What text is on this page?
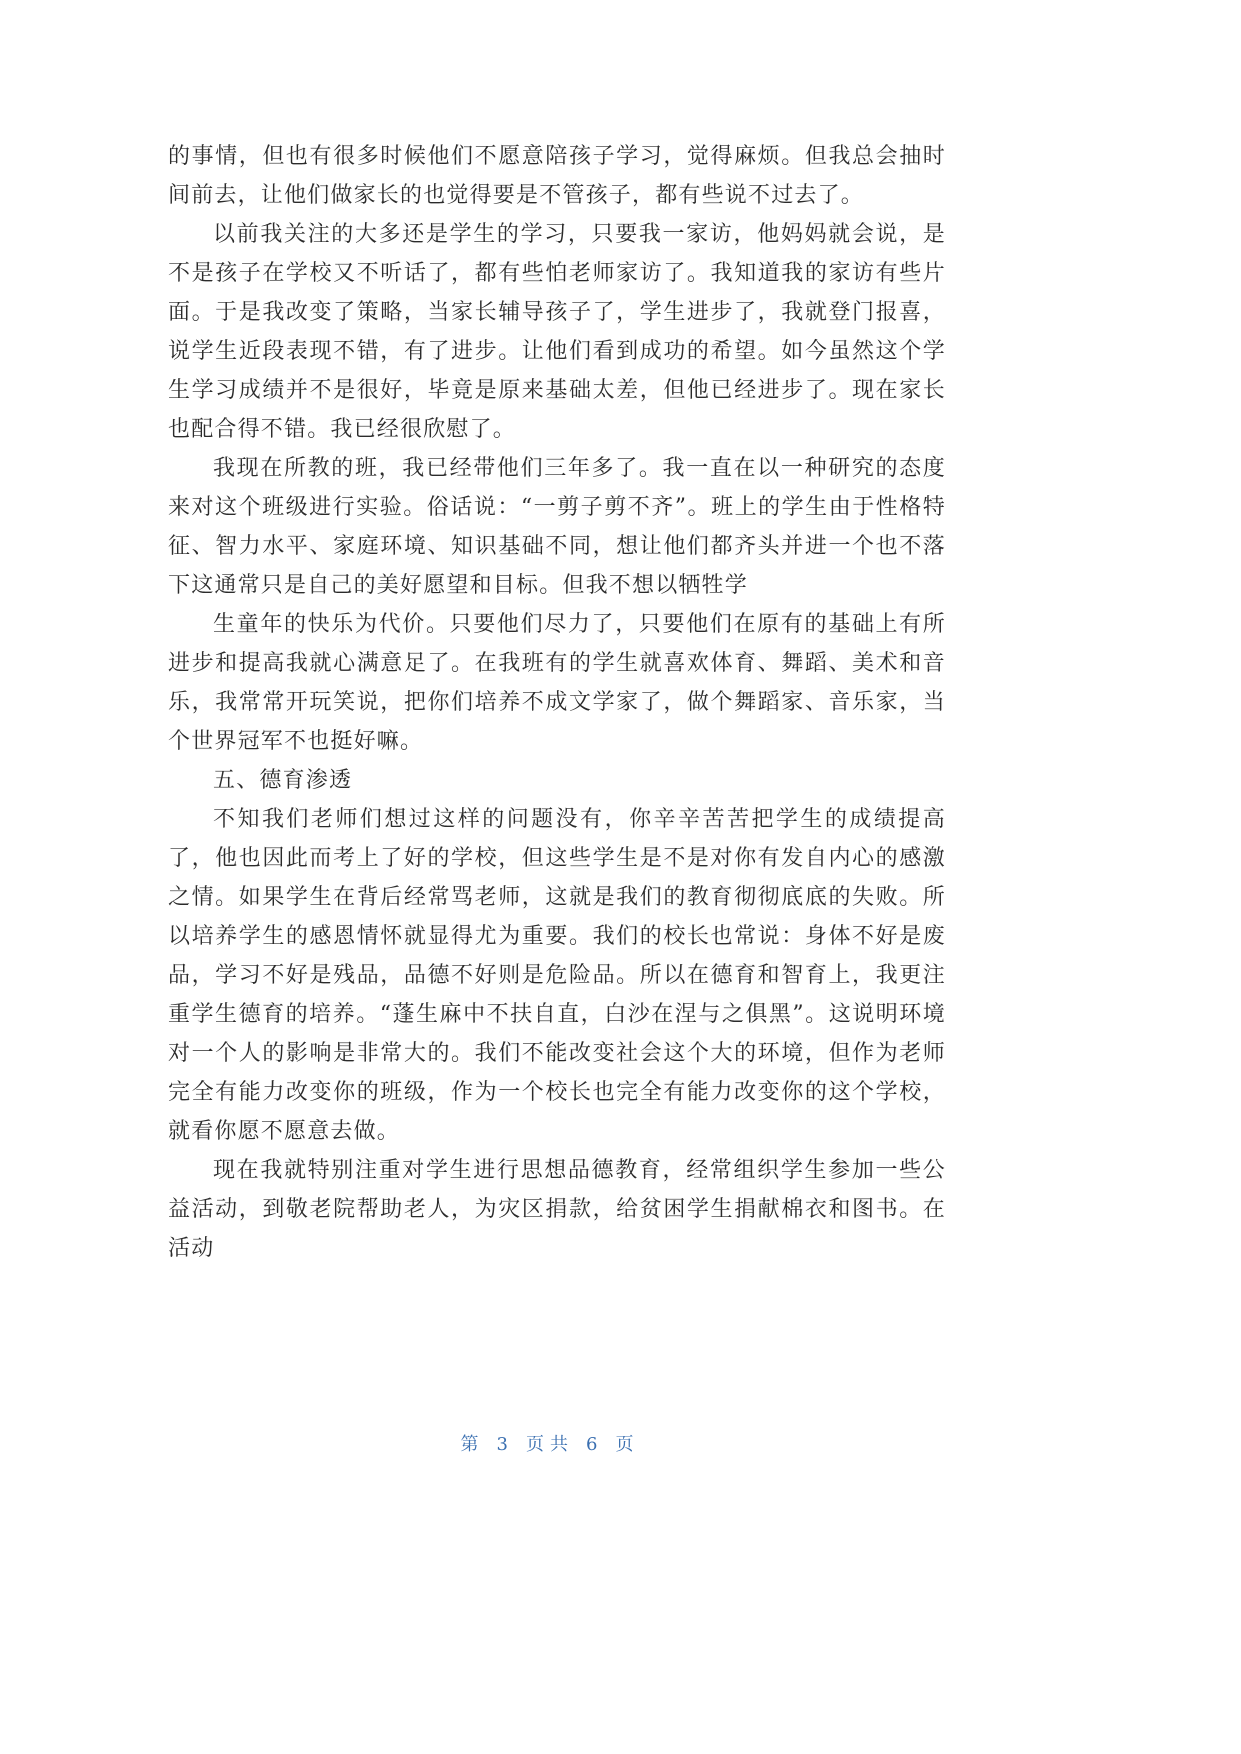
的事情，但也有很多时候他们不愿意陪孩子学习，觉得麻烦。但我总会抽时间前去，让他们做家长的也觉得要是不管孩子，都有些说不过去了。

以前我关注的大多还是学生的学习，只要我一家访，他妈妈就会说，是不是孩子在学校又不听话了，都有些怕老师家访了。我知道我的家访有些片面。于是我改变了策略，当家长辅导孩子了，学生进步了，我就登门报喜，说学生近段表现不错，有了进步。让他们看到成功的希望。如今虽然这个学生学习成绩并不是很好，毕竟是原来基础太差，但他已经进步了。现在家长也配合得不错。我已经很欣慰了。

我现在所教的班，我已经带他们三年多了。我一直在以一种研究的态度来对这个班级进行实验。俗话说：“一剪子剪不齐”。班上的学生由于性格特征、智力水平、家庭环境、知识基础不同，想让他们都齐头并进一个也不落下这通常只是自己的美好愿望和目标。但我不想以牺牲学

生童年的快乐为代价。只要他们尽力了，只要他们在原有的基础上有所进步和提高我就心满意足了。在我班有的学生就喜欢体育、舞蹈、美术和音乐，我常常开玩笑说，把你们培养不成文学家了，做个舞蹈家、音乐家，当个世界冠军不也挺好嘛。

五、德育渗透

不知我们老师们想过这样的问题没有，你辛辛苦苦把学生的成绩提高了，他也因此而考上了好的学校，但这些学生是不是对你有发自内心的感激之情。如果学生在背后经常骂老师，这就是我们的教育彻彻底底的失败。所以培养学生的感恩情怀就显得尤为重要。我们的校长也常说：身体不好是废品，学习不好是残品，品德不好则是危险品。所以在德育和智育上，我更注重学生德育的培养。“蓬生麻中不扶自直，白沙在涅与之俱黑”。这说明环境对一个人的影响是非常大的。我们不能改变社会这个大的环境，但作为老师完全有能力改变你的班级，作为一个校长也完全有能力改变你的这个学校，就看你愿不愿意去做。

现在我就特别注重对学生进行思想品德教育，经常组织学生参加一些公益活动，到敬老院帮助老人，为灾区捐款，给贫困学生捐献棉衣和图书。在活动

第 3 页共 6 页
